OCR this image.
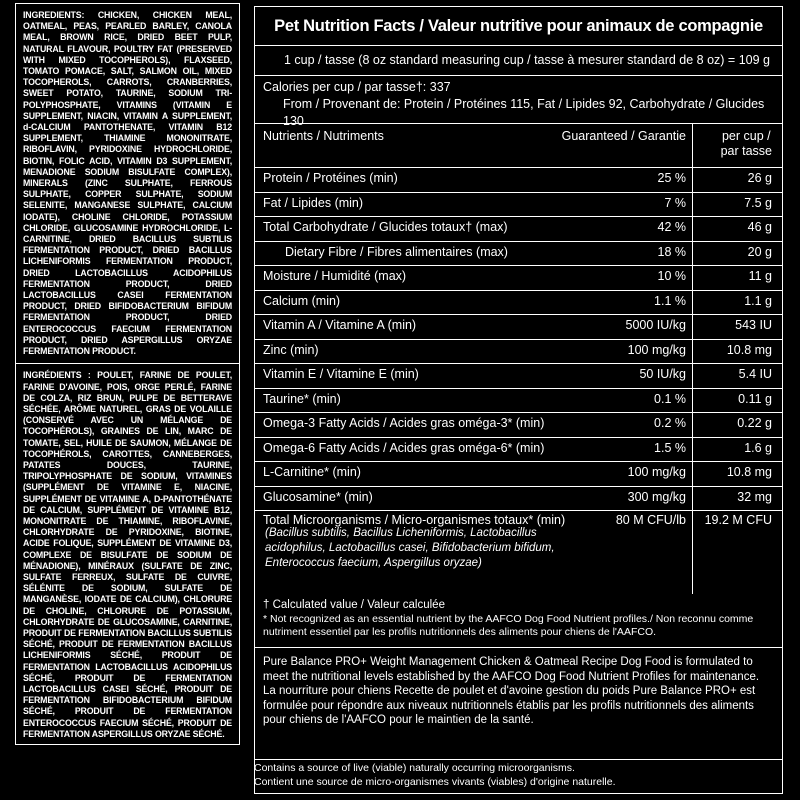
INGREDIENTS: CHICKEN, CHICKEN MEAL, OATMEAL, PEAS, PEARLED BARLEY, CANOLA MEAL, BROWN RICE, DRIED BEET PULP, NATURAL FLAVOUR, POULTRY FAT (PRESERVED WITH MIXED TOCOPHEROLS), FLAXSEED, TOMATO POMACE, SALT, SALMON OIL, MIXED TOCOPHEROLS, CARROTS, CRANBERRIES, SWEET POTATO, TAURINE, SODIUM TRI-POLYPHOSPHATE, VITAMINS (VITAMIN E SUPPLEMENT, NIACIN, VITAMIN A SUPPLEMENT, d-CALCIUM PANTOTHENATE, VITAMIN B12 SUPPLEMENT, THIAMINE MONONITRATE, RIBOFLAVIN, PYRIDOXINE HYDROCHLORIDE, BIOTIN, FOLIC ACID, VITAMIN D3 SUPPLEMENT, MENADIONE SODIUM BISULFATE COMPLEX), MINERALS (ZINC SULPHATE, FERROUS SULPHATE, COPPER SULPHATE, SODIUM SELENITE, MANGANESE SULPHATE, CALCIUM IODATE), CHOLINE CHLORIDE, POTASSIUM CHLORIDE, GLUCOSAMINE HYDROCHLORIDE, L-CARNITINE, DRIED BACILLUS SUBTILIS FERMENTATION PRODUCT, DRIED BACILLUS LICHENIFORMIS FERMENTATION PRODUCT, DRIED LACTOBACILLUS ACIDOPHILUS FERMENTATION PRODUCT, DRIED LACTOBACILLUS CASEI FERMENTATION PRODUCT, DRIED BIFIDOBACTERIUM BIFIDUM FERMENTATION PRODUCT, DRIED ENTEROCOCCUS FAECIUM FERMENTATION PRODUCT, DRIED ASPERGILLUS ORYZAE FERMENTATION PRODUCT.

INGRÉDIENTS : POULET, FARINE DE POULET, FARINE D'AVOINE, POIS, ORGE PERLÉ, FARINE DE COLZA, RIZ BRUN, PULPE DE BETTERAVE SÉCHÉE, ARÔME NATUREL, GRAS DE VOLAILLE (CONSERVÉ AVEC UN MÉLANGE DE TOCOPHÉROLS), GRAINES DE LIN, MARC DE TOMATE, SEL, HUILE DE SAUMON, MÉLANGE DE TOCOPHÉROLS, CAROTTES, CANNEBERGES, PATATES DOUCES, TAURINE, TRIPOLYPHOSPHATE DE SODIUM, VITAMINES (SUPPLÉMENT DE VITAMINE E, NIACINE, SUPPLÉMENT DE VITAMINE A, D-PANTOTHÉNATE DE CALCIUM, SUPPLÉMENT DE VITAMINE B12, MONONITRATE DE THIAMINE, RIBOFLAVINE, CHLORHYDRATE DE PYRIDOXINE, BIOTINE, ACIDE FOLIQUE, SUPPLÉMENT DE VITAMINE D3, COMPLEXE DE BISULFATE DE SODIUM DE MÉNADIONE), MINÉRAUX (SULFATE DE ZINC, SULFATE FERREUX, SULFATE DE CUIVRE, SÉLÉNITE DE SODIUM, SULFATE DE MANGANÈSE, IODATE DE CALCIUM), CHLORURE DE CHOLINE, CHLORURE DE POTASSIUM, CHLORHYDRATE DE GLUCOSAMINE, CARNITINE, PRODUIT DE FERMENTATION BACILLUS SUBTILIS SÉCHÉ, PRODUIT DE FERMENTATION BACILLUS LICHENIFORMIS SÉCHÉ, PRODUIT DE FERMENTATION LACTOBACILLUS ACIDOPHILUS SÉCHÉ, PRODUIT DE FERMENTATION LACTOBACILLUS CASEI SÉCHÉ, PRODUIT DE FERMENTATION BIFIDOBACTERIUM BIFIDUM SÉCHÉ, PRODUIT DE FERMENTATION ENTEROCOCCUS FAECIUM SÉCHÉ, PRODUIT DE FERMENTATION ASPERGILLUS ORYZAE SÉCHÉ.

Pet Nutrition Facts / Valeur nutritive pour animaux de compagnie
1 cup / tasse (8 oz standard measuring cup / tasse à mesurer standard de 8 oz) = 109 g
Calories per cup / par tasse†: 337
From / Provenant de: Protein / Protéines 115, Fat / Lipides 92, Carbohydrate / Glucides 130
Nutrients / Nutriments	Guaranteed / Garantie	per cup /
par tasse
Protein / Protéines (min)	25 %	26 g
Fat / Lipides (min)	7 %	7.5 g
Total Carbohydrate / Glucides totaux† (max)	42 %	46 g
Dietary Fibre / Fibres alimentaires (max)	18 %	20 g
Moisture / Humidité (max)	10 %	11 g
Calcium (min)	1.1 %	1.1 g
Vitamin A / Vitamine A (min)	5000 IU/kg	543 IU
Zinc (min)	100 mg/kg	10.8 mg
Vitamin E / Vitamine E (min)	50 IU/kg	5.4 IU
Taurine* (min)	0.1 %	0.11 g
Omega-3 Fatty Acids / Acides gras oméga-3* (min)	0.2 %	0.22 g
Omega-6 Fatty Acids / Acides gras oméga-6* (min)	1.5 %	1.6 g
L-Carnitine* (min)	100 mg/kg	10.8 mg
Glucosamine* (min)	300 mg/kg	32 mg
Total Microorganisms / Micro-organismes totaux* (min)	80 M CFU/lb 19.2 M CFU
(Bacillus subtilis, Bacillus Licheniformis, Lactobacillus acidophilus, Lactobacillus casei, Bifidobacterium bifidum, Enterococcus faecium, Aspergillus oryzae)
† Calculated value / Valeur calculée
* Not recognized as an essential nutrient by the AAFCO Dog Food Nutrient profiles./ Non reconnu comme nutriment essentiel par les profils nutritionnels des aliments pour chiens de l'AAFCO.
Pure Balance PRO+ Weight Management Chicken & Oatmeal Recipe Dog Food is formulated to meet the nutritional levels established by the AAFCO Dog Food Nutrient Profiles for maintenance.
La nourriture pour chiens Recette de poulet et d'avoine gestion du poids Pure Balance PRO+ est formulée pour répondre aux niveaux nutritionnels établis par les profils nutritionnels des aliments pour chiens de l'AAFCO pour le maintien de la santé.
Contains a source of live (viable) naturally occurring microorganisms.
Contient une source de micro-organismes vivants (viables) d'origine naturelle.
